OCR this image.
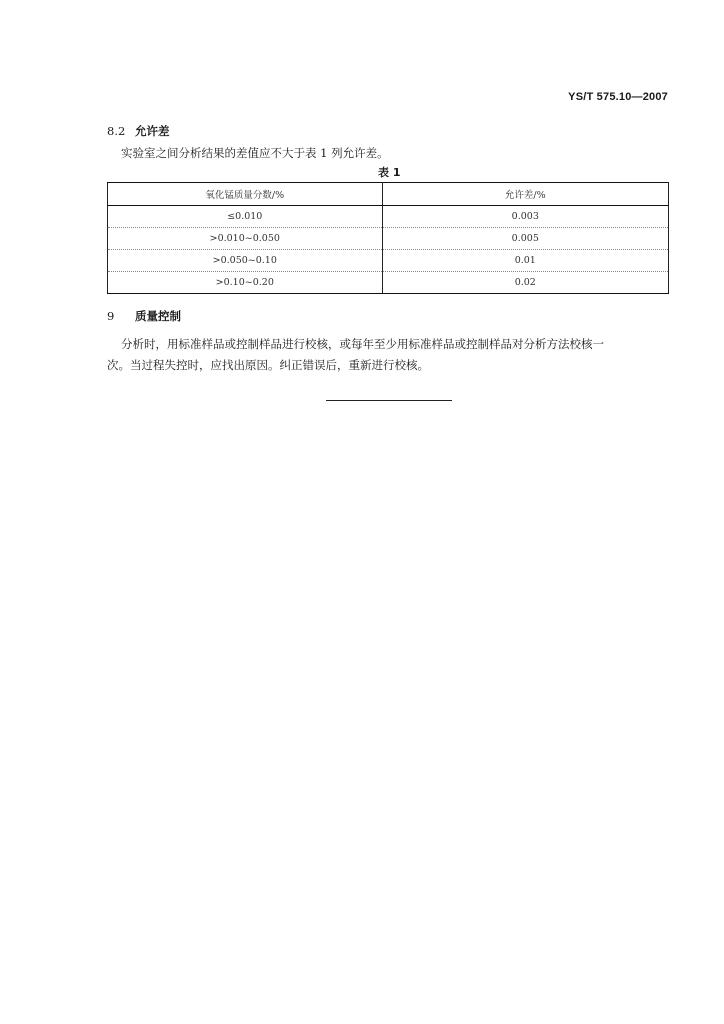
YS/T 575.10—2007
8.2 允许差
实验室之间分析结果的差值应不大于表 1 列允许差。
表 1
氧化锰质量分数/%	允许差/%
≤0.010	0.003
>0.010~0.050	0.005
>0.050~0.10	0.01
>0.10~0.20	0.02
9 质量控制
分析时，用标准样品或控制样品进行校核，或每年至少用标准样品或控制样品对分析方法校核一
次。当过程失控时，应找出原因。纠正错误后，重新进行校核。
